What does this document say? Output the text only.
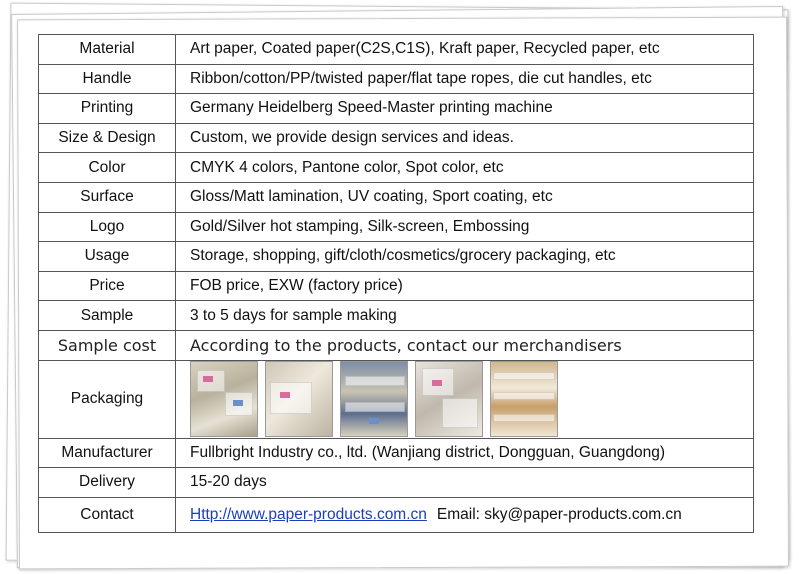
Material	Art paper, Coated paper(C2S,C1S), Kraft paper, Recycled paper, etc
Handle	Ribbon/cotton/PP/twisted paper/flat tape ropes, die cut handles, etc
Printing	Germany Heidelberg Speed-Master printing machine
Size & Design	Custom, we provide design services and ideas.
Color	CMYK 4 colors, Pantone color, Spot color, etc
Surface	Gloss/Matt lamination, UV coating, Sport coating, etc
Logo	Gold/Silver hot stamping, Silk-screen, Embossing
Usage	Storage, shopping, gift/cloth/cosmetics/grocery packaging, etc
Price	FOB price, EXW (factory price)
Sample	3 to 5 days for sample making
Sample cost	According to the products, contact our merchandisers
Packaging	

Manufacturer	Fullbright Industry co., ltd. (Wanjiang district, Dongguan, Guangdong)
Delivery	15-20 days
Contact	Http://www.paper-products.com.cn Email: sky@paper-products.com.cn
